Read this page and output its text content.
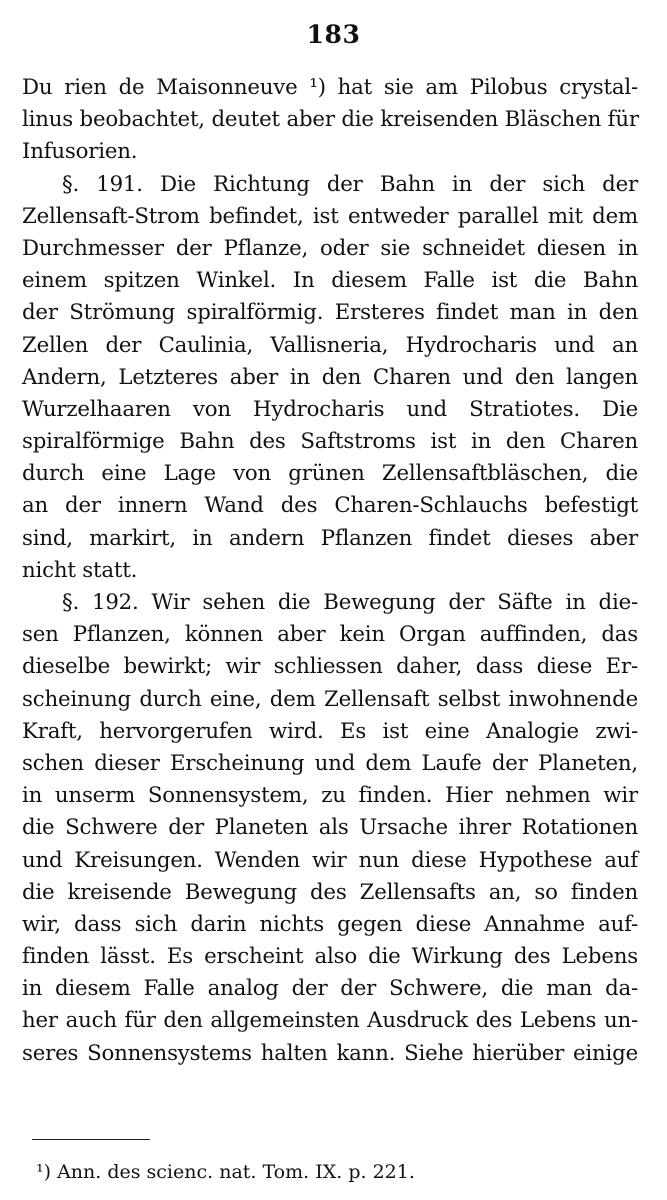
183
Du rien de Maisonneuve ¹) hat sie am Pilobus crystal-
linus beobachtet, deutet aber die kreisenden Bläschen für
Infusorien.
§. 191. Die Richtung der Bahn in der sich der
Zellensaft-Strom befindet, ist entweder parallel mit dem
Durchmesser der Pflanze, oder sie schneidet diesen in
einem spitzen Winkel. In diesem Falle ist die Bahn
der Strömung spiralförmig. Ersteres findet man in den
Zellen der Caulinia, Vallisneria, Hydrocharis und an
Andern, Letzteres aber in den Charen und den langen
Wurzelhaaren von Hydrocharis und Stratiotes. Die
spiralförmige Bahn des Saftstroms ist in den Charen
durch eine Lage von grünen Zellensaftbläschen, die
an der innern Wand des Charen-Schlauchs befestigt
sind, markirt, in andern Pflanzen findet dieses aber
nicht statt.
§. 192. Wir sehen die Bewegung der Säfte in die-
sen Pflanzen, können aber kein Organ auffinden, das
dieselbe bewirkt; wir schliessen daher, dass diese Er-
scheinung durch eine, dem Zellensaft selbst inwohnende
Kraft, hervorgerufen wird. Es ist eine Analogie zwi-
schen dieser Erscheinung und dem Laufe der Planeten,
in unserm Sonnensystem, zu finden. Hier nehmen wir
die Schwere der Planeten als Ursache ihrer Rotationen
und Kreisungen. Wenden wir nun diese Hypothese auf
die kreisende Bewegung des Zellensafts an, so finden
wir, dass sich darin nichts gegen diese Annahme auf-
finden lässt. Es erscheint also die Wirkung des Lebens
in diesem Falle analog der der Schwere, die man da-
her auch für den allgemeinsten Ausdruck des Lebens un-
seres Sonnensystems halten kann. Siehe hierüber einige
¹) Ann. des scienc. nat. Tom. IX. p. 221.
